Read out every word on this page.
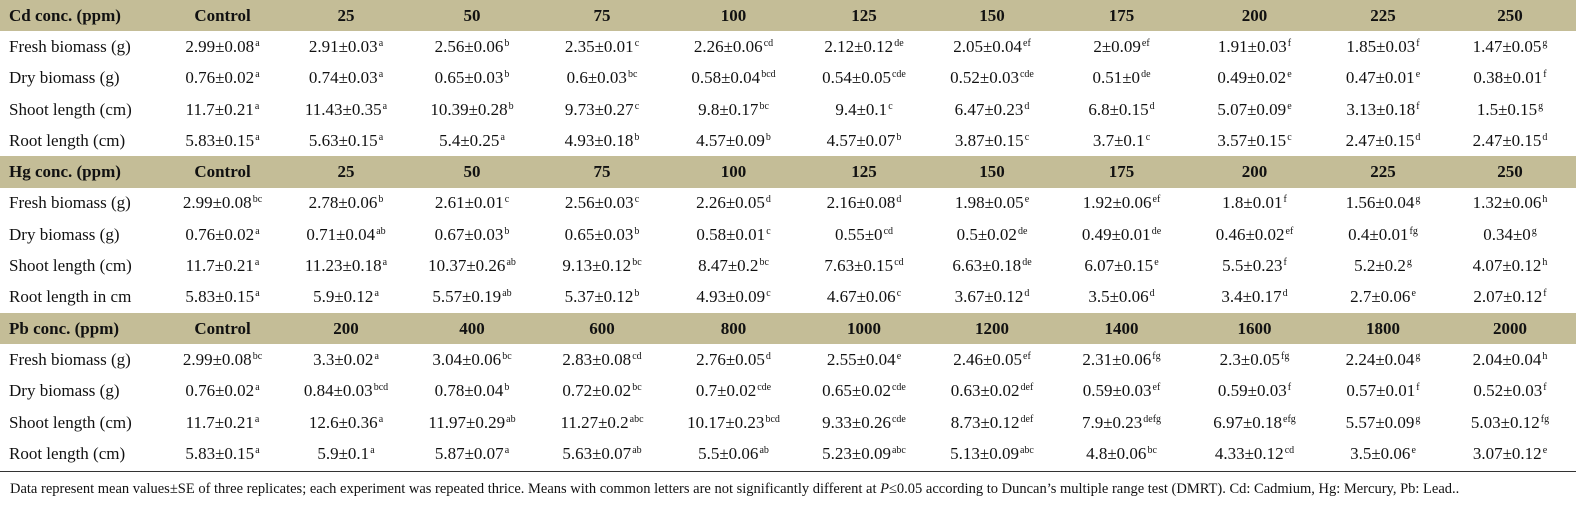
Cd conc. (ppm)	Control	25	50	75	100	125	150	175	200	225	250
Fresh biomass (g)	2.99±0.08$^a$	2.91±0.03$^a$	2.56±0.06$^b$	2.35±0.01$^c$	2.26±0.06$^{cd}$	2.12±0.12de	2.05±0.04$^{ef}$	2±0.09$^{ef}$	1.91±0.03$^f$	1.85±0.03$^f$	1.47±0.05$^g$
Dry biomass (g)	0.76±0.02$^a$	0.74±0.03$^a$	0.65±0.03$^b$	0.6±0.03$^{bc}$	0.58±0.04$^{bcd}$	0.54±0.05$^{cde}$	0.52±0.03$^{cde}$	0.51±0de	0.49±0.02$^e$	0.47±0.01$^e$	0.38±0.01$^f$
Shoot length (cm)	11.7±0.21$^a$	11.43±0.35$^a$	10.39±0.28$^b$	9.73±0.27$^c$	9.8±0.17$^{bc}$	9.4±0.1$^c$	6.47±0.23$^d$	6.8±0.15$^d$	5.07±0.09$^e$	3.13±0.18$^f$	1.5±0.15$^g$
Root length (cm)	5.83±0.15$^a$	5.63±0.15$^a$	5.4±0.25$^a$	4.93±0.18$^b$	4.57±0.09$^b$	4.57±0.07$^b$	3.87±0.15$^c$	3.7±0.1$^c$	3.57±0.15$^c$	2.47±0.15$^d$	2.47±0.15$^d$
Hg conc. (ppm)	Control	25	50	75	100	125	150	175	200	225	250
Fresh biomass (g)	2.99±0.08$^{bc}$	2.78±0.06$^b$	2.61±0.01$^c$	2.56±0.03$^c$	2.26±0.05$^d$	2.16±0.08$^d$	1.98±0.05$^e$	1.92±0.06$^{ef}$	1.8±0.01$^f$	1.56±0.04$^g$	1.32±0.06$^h$
Dry biomass (g)	0.76±0.02$^a$	0.71±0.04$^{ab}$	0.67±0.03$^b$	0.65±0.03$^b$	0.58±0.01$^c$	$0.55\pm 0^{cd}$	0.5±0.02de	0.49±0.01de	0.46±0.02$^{ef}$	0.4±0.01$^{fg}$	$0.34\pm 0^g$
Shoot length (cm)	11.7±0.21$^a$	11.23±0.18$^a$	10.37±0.26$^{ab}$	9.13±0.12$^{bc}$	8.47±0.2$^{bc}$	7.63±0.15$^{cd}$	6.63±0.18de	6.07±0.15$^e$	5.5±0.23$^f$	5.2±0.2$^g$	4.07±0.12$^h$
Root length in cm	5.83±0.15$^a$	5.9±0.12$^a$	5.57±0.19$^{ab}$	5.37±0.12$^b$	4.93±0.09$^c$	4.67±0.06$^c$	3.67±0.12$^d$	3.5±0.06$^d$	3.4±0.17$^d$	2.7±0.06$^e$	2.07±0.12$^f$
Pb conc. (ppm)	Control	200	400	600	800	1000	1200	1400	1600	1800	2000
Fresh biomass (g)	2.99±0.08$^{bc}$	3.3±0.02$^a$	3.04±0.06$^{bc}$	2.83±0.08$^{cd}$	2.76±0.05$^d$	2.55±0.04$^e$	2.46±0.05$^{ef}$	2.31±0.06$^{fg}$	2.3±0.05$^{fg}$	2.24±0.04$^g$	2.04±0.04$^h$
Dry biomass (g)	0.76±0.02$^a$	0.84±0.03$^{bcd}$	0.78±0.04$^b$	0.72±0.02$^{bc}$	0.7±0.02$^{cde}$	0.65±0.02$^{cde}$	0.63±0.02$^{def}$	0.59±0.03$^{ef}$	0.59±0.03$^f$	0.57±0.01$^f$	0.52±0.03$^f$
Shoot length (cm)	11.7±0.21$^a$	12.6±0.36$^a$	11.97±0.29$^{ab}$	11.27±0.2$^{abc}$	10.17±0.23$^{bcd}$	9.33±0.26$^{cde}$	8.73±0.12$^{def}$	$7.9\pm 0.23^{defg}$	6.97±0.18$^{efg}$	5.57±0.09$^g$	5.03±0.12$^{fg}$
Root length (cm)	5.83±0.15$^a$	5.9±0.1$^a$	5.87±0.07$^a$	5.63±0.07$^{ab}$	5.5±0.06$^{ab}$	5.23±0.09$^{abc}$	5.13±0.09$^{abc}$	4.8±0.06$^{bc}$	4.33±0.12$^{cd}$	3.5±0.06$^e$	3.07±0.12$^e$
Data represent mean values±SE of three replicates; each experiment was repeated thrice. Means with common letters are not significantly different at P≤0.05 according to Duncan’s multiple range test (DMRT). Cd: Cadmium, Hg: Mercury, Pb: Lead..
